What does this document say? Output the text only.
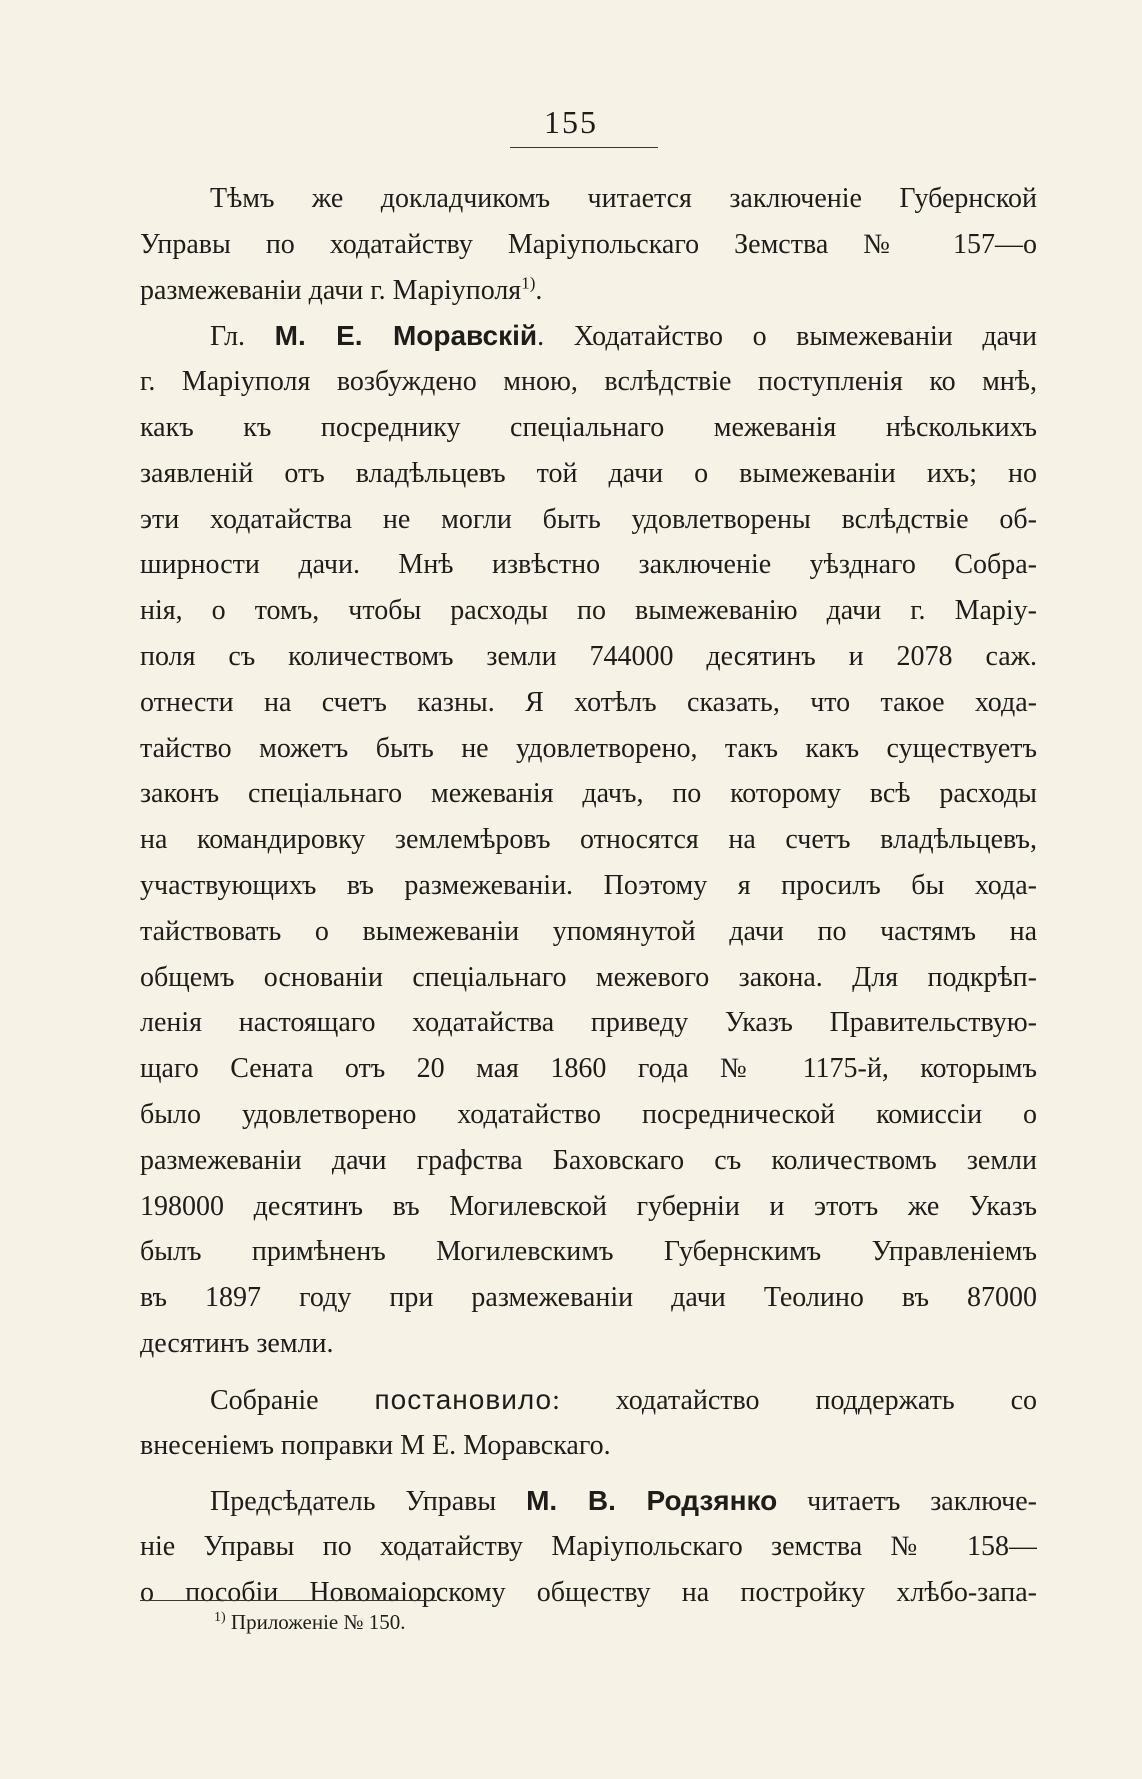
155

Тѣмъ же докладчикомъ читается заключеніе Губернской
Управы по ходатайству Маріупольскаго Земства № 157—о
размежеваніи дачи г. Маріуполя$^{1)}$.
Гл. М. Е. Моравскій. Ходатайство о вымежеваніи дачи
г. Маріуполя возбуждено мною, вслѣдствіе поступленія ко мнѣ,
какъ къ посреднику спеціальнаго межеванія нѣсколькихъ
заявленій отъ владѣльцевъ той дачи о вымежеваніи ихъ; но
эти ходатайства не могли быть удовлетворены вслѣдствіе об-
ширности дачи. Мнѣ извѣстно заключеніе уѣзднаго Собра-
нія, о томъ, чтобы расходы по вымежеванію дачи г. Маріу-
поля съ количествомъ земли 744000 десятинъ и 2078 саж.
отнести на счетъ казны. Я хотѣлъ сказать, что такое хода-
тайство можетъ быть не удовлетворено, такъ какъ существуетъ
законъ спеціальнаго межеванія дачъ, по которому всѣ расходы
на командировку землемѣровъ относятся на счетъ владѣльцевъ,
участвующихъ въ размежеваніи. Поэтому я просилъ бы хода-
тайствовать о вымежеваніи упомянутой дачи по частямъ на
общемъ основаніи спеціальнаго межевого закона. Для подкрѣп-
ленія настоящаго ходатайства приведу Указъ Правительствую-
щаго Сената отъ 20 мая 1860 года № 1175-й, которымъ
было удовлетворено ходатайство посреднической комиссіи о
размежеваніи дачи графства Баховскаго съ количествомъ земли
198000 десятинъ въ Могилевской губерніи и этотъ же Указъ
былъ примѣненъ Могилевскимъ Губернскимъ Управленіемъ
въ 1897 году при размежеваніи дачи Теолино въ 87000
десятинъ земли.
Собраніе постановило: ходатайство поддержать со
внесеніемъ поправки М Е. Моравскаго.
Предсѣдатель Управы М. В. Родзянко читаетъ заключе-
ніе Управы по ходатайству Маріупольскаго земства № 158—
о пособіи Новомаіорскому обществу на постройку хлѣбо-запа-

$^{1)}$ Приложеніе № 150.
